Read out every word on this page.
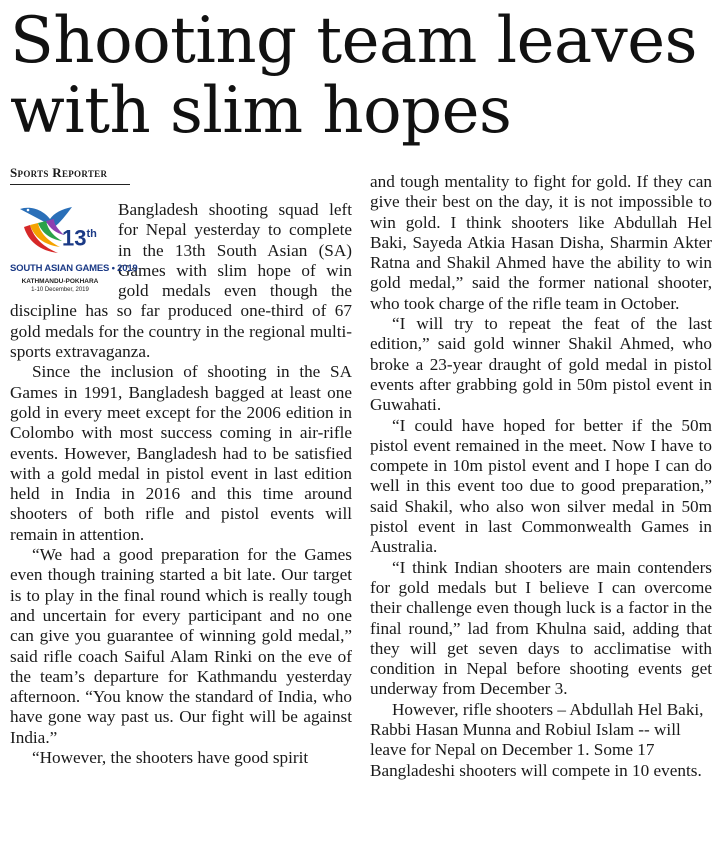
Shooting team leaves
with slim hopes
Sports Reporter
13th
SOUTH ASIAN GAMES • 2019
KATHMANDU-POKHARA
1-10 December, 2019

Bangladesh shooting squad left for Nepal yesterday to complete in the 13th South Asian (SA) Games with slim hope of win gold medals even though the discipline has so far produced one-third of 67 gold medals for the country in the regional multi-sports extravaganza.

Since the inclusion of shooting in the SA Games in 1991, Bangladesh bagged at least one gold in every meet except for the 2006 edition in Colombo with most success coming in air-rifle events. However, Bangladesh had to be satisfied with a gold medal in pistol event in last edition held in India in 2016 and this time around shooters of both rifle and pistol events will remain in attention.

“We had a good preparation for the Games even though training started a bit late. Our target is to play in the final round which is really tough and uncertain for every participant and no one can give you guarantee of winning gold medal,” said rifle coach Saiful Alam Rinki on the eve of the team’s departure for Kathmandu yesterday afternoon. “You know the standard of India, who have gone way past us. Our fight will be against India.”

“However, the shooters have good spirit

and tough mentality to fight for gold. If they can give their best on the day, it is not impossible to win gold. I think shooters like Abdullah Hel Baki, Sayeda Atkia Hasan Disha, Sharmin Akter Ratna and Shakil Ahmed have the ability to win gold medal,” said the former national shooter, who took charge of the rifle team in October.

“I will try to repeat the feat of the last edition,” said gold winner Shakil Ahmed, who broke a 23-year draught of gold medal in pistol events after grabbing gold in 50m pistol event in Guwahati.

“I could have hoped for better if the 50m pistol event remained in the meet. Now I have to compete in 10m pistol event and I hope I can do well in this event too due to good preparation,” said Shakil, who also won silver medal in 50m pistol event in last Commonwealth Games in Australia.

“I think Indian shooters are main contenders for gold medals but I believe I can overcome their challenge even though luck is a factor in the final round,” lad from Khulna said, adding that they will get seven days to acclimatise with condition in Nepal before shooting events get underway from December 3.

However, rifle shooters – Abdullah Hel Baki, Rabbi Hasan Munna and Robiul Islam -- will leave for Nepal on December 1. Some 17 Bangladeshi shooters will compete in 10 events.
